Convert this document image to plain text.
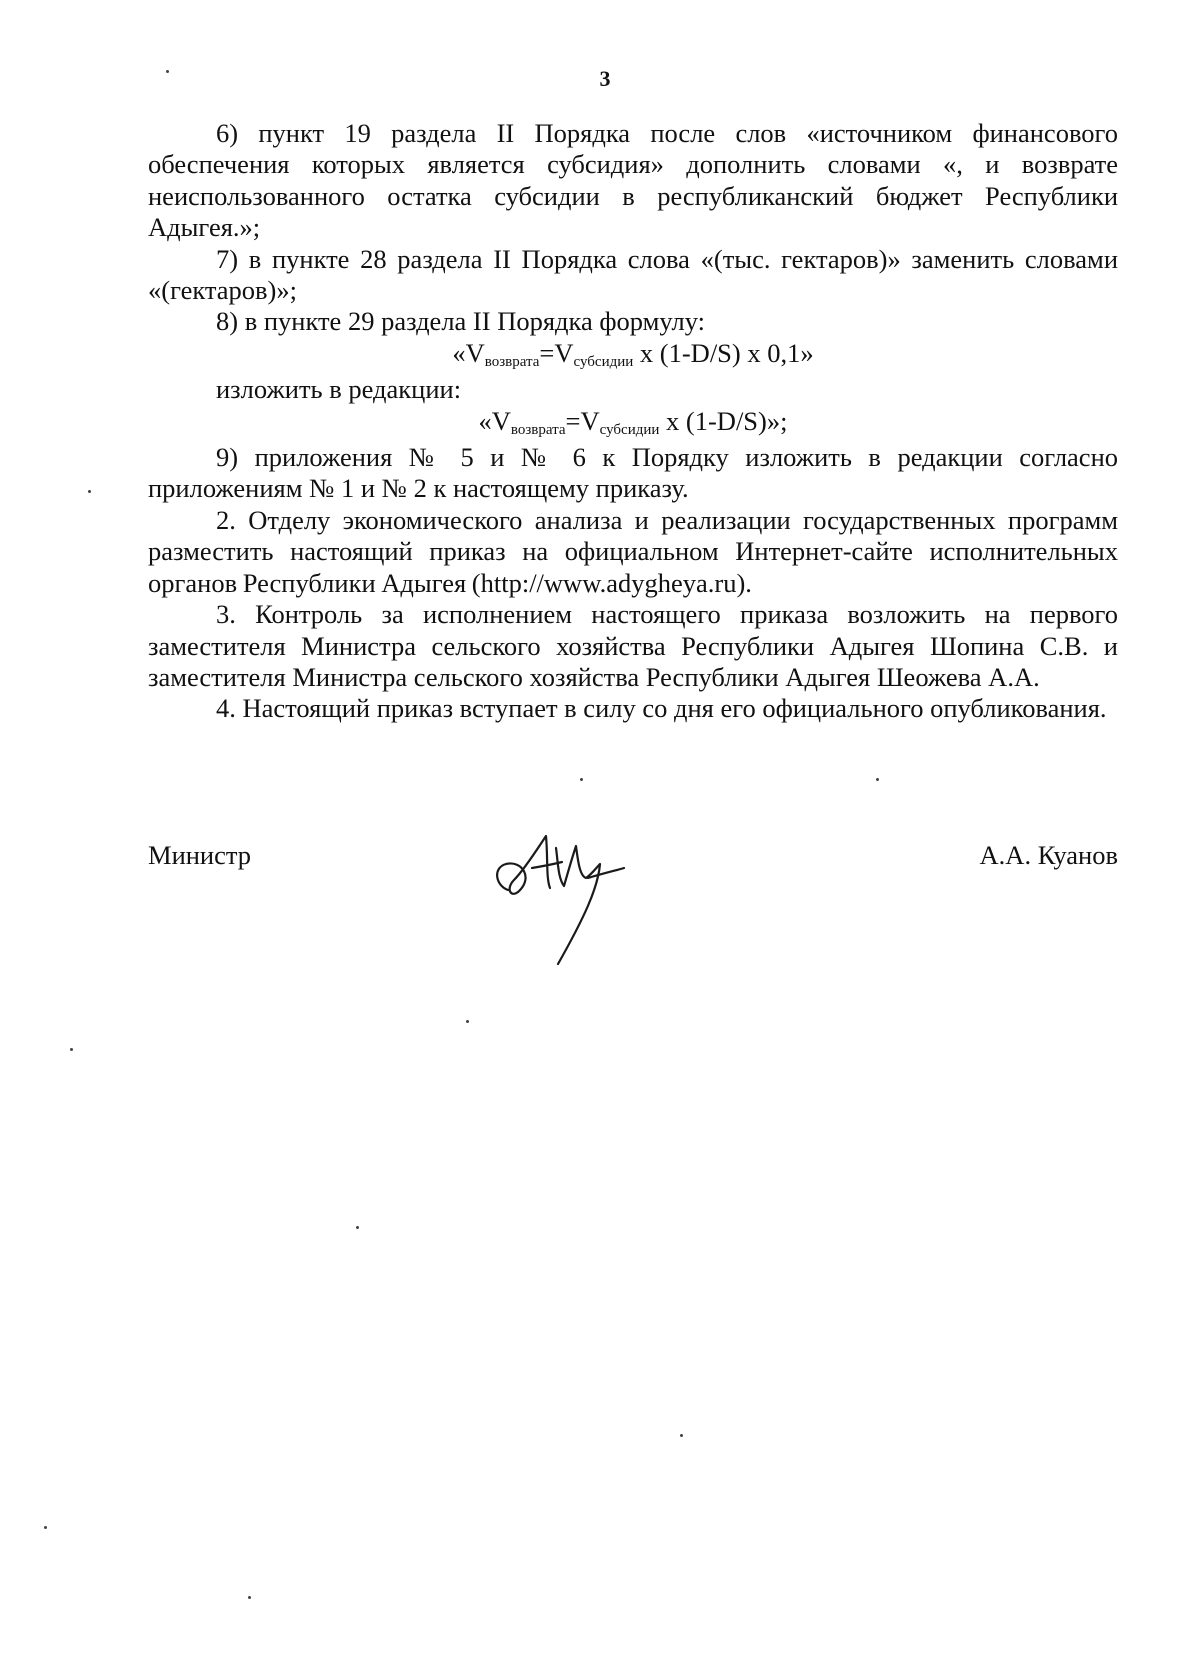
3

6) пункт 19 раздела II Порядка после слов «источником финансового обеспечения которых является субсидия» дополнить словами «, и возврате неиспользованного остатка субсидии в республиканский бюджет Республики Адыгея.»;

7) в пункте 28 раздела II Порядка слова «(тыс. гектаров)» заменить словами «(гектаров)»;

8) в пункте 29 раздела II Порядка формулу:

«Vвозврата=Vсубсидии х (1-D/S) х 0,1»

изложить в редакции:

«Vвозврата=Vсубсидии х (1-D/S)»;

9) приложения № 5 и № 6 к Порядку изложить в редакции согласно приложениям № 1 и № 2 к настоящему приказу.

2. Отделу экономического анализа и реализации государственных программ разместить настоящий приказ на официальном Интернет-сайте исполнительных органов Республики Адыгея (http://www.adygheya.ru).

3. Контроль за исполнением настоящего приказа возложить на первого заместителя Министра сельского хозяйства Республики Адыгея Шопина С.В. и заместителя Министра сельского хозяйства Республики Адыгея Шеожева А.А.

4. Настоящий приказ вступает в силу со дня его официального опубликования.

Министр	А.А. Куанов
